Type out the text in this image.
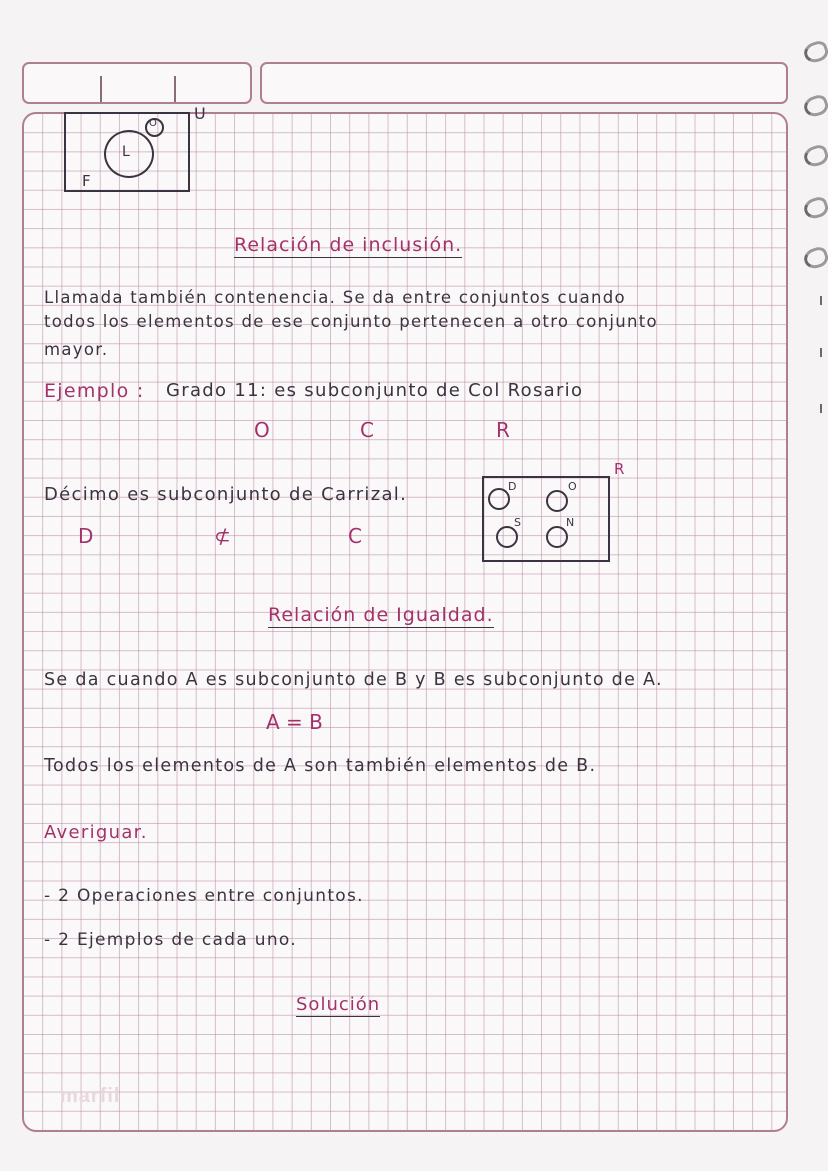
U
F
L
O
Relación de inclusión.
Llamada también contenencia. Se da entre conjuntos cuando
todos los elementos de ese conjunto pertenecen a otro conjunto
mayor.
Ejemplo : Grado 11: es subconjunto de Col Rosario
O	C	R
Décimo es subconjunto de Carrizal.
D	⊄	C
R
D	O
S	N
Relación de Igualdad.
Se da cuando A es subconjunto de B y B es subconjunto de A.
A = B
Todos los elementos de A son también elementos de B.
Averiguar.
- 2 Operaciones entre conjuntos.
- 2 Ejemplos de cada uno.
Solución
marfil
